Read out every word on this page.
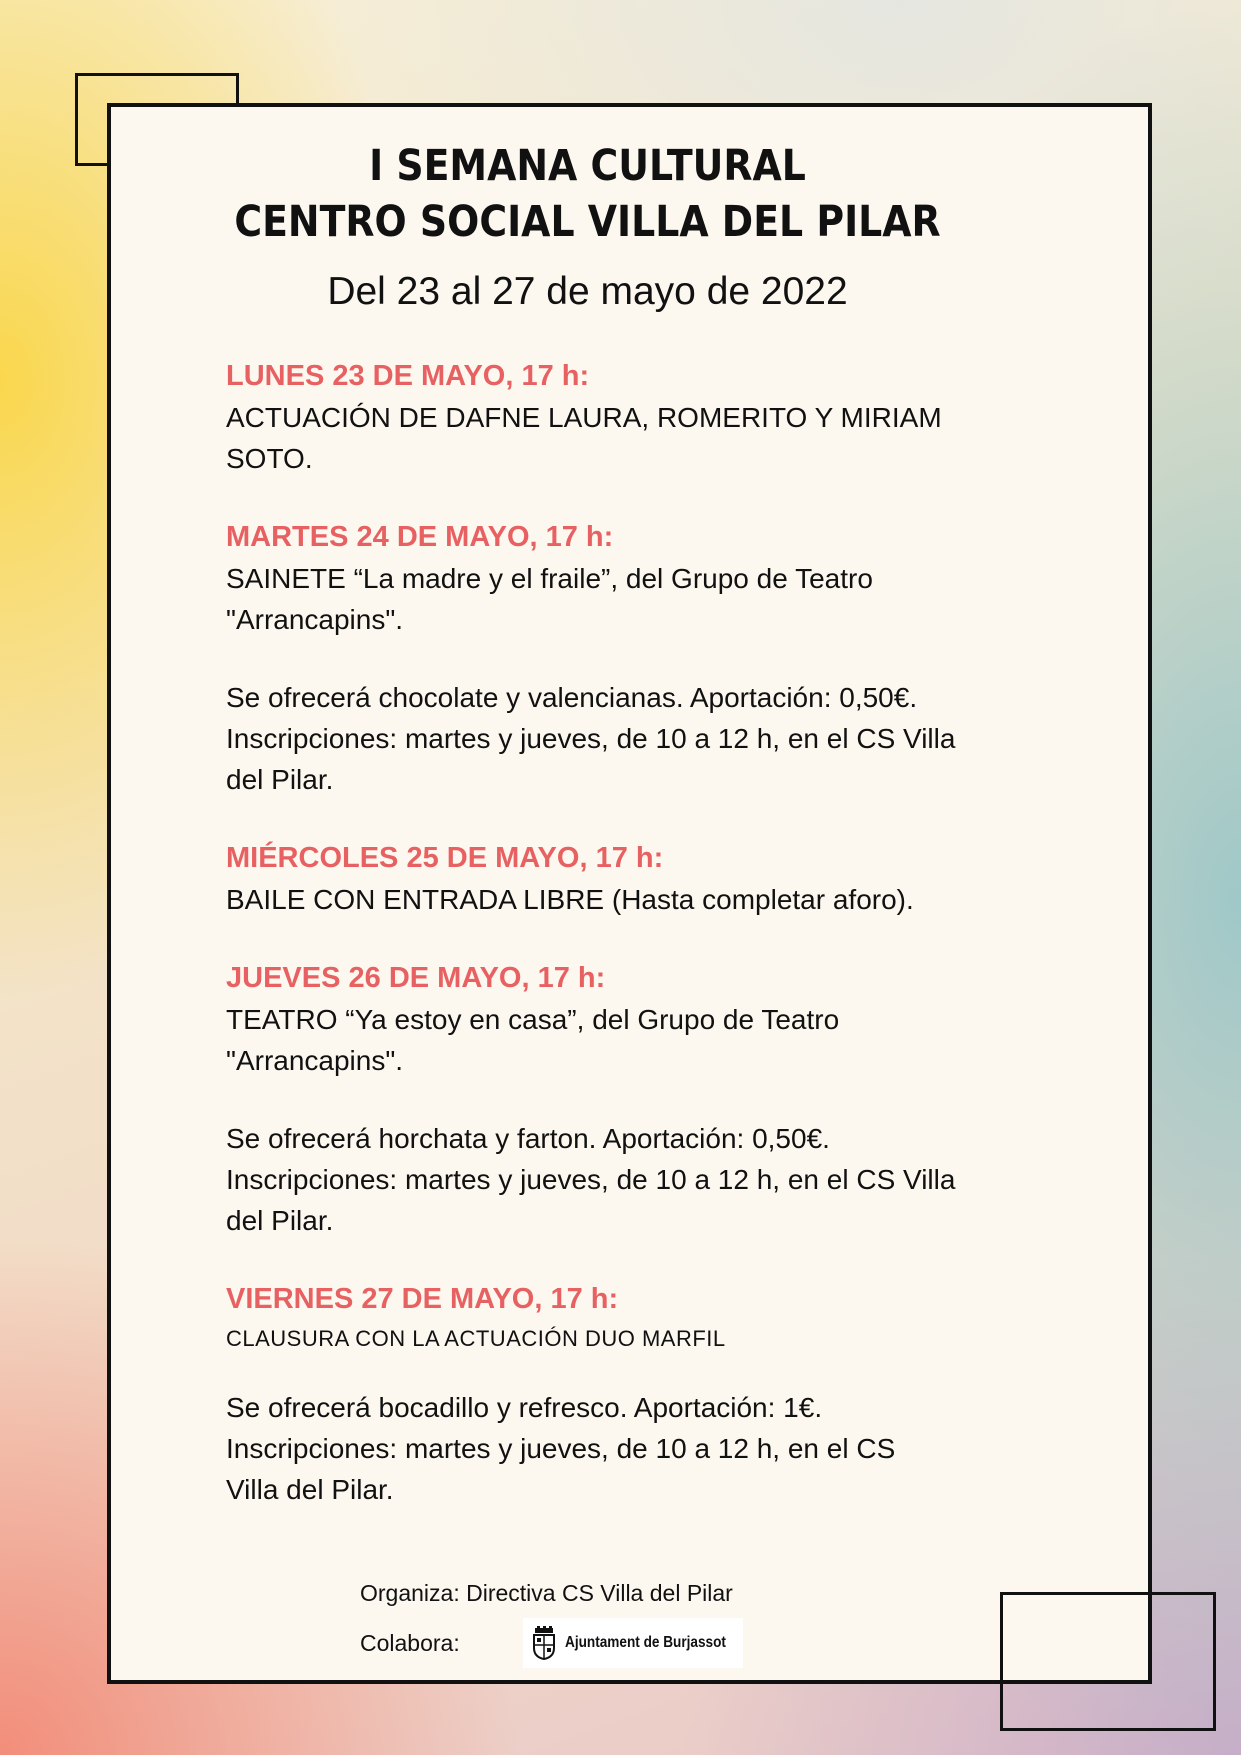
I SEMANA CULTURAL
CENTRO SOCIAL VILLA DEL PILAR
Del 23 al 27 de mayo de 2022
LUNES 23 DE MAYO, 17 h:
ACTUACIÓN DE DAFNE LAURA, ROMERITO Y MIRIAM
SOTO.
MARTES 24 DE MAYO, 17 h:
SAINETE “La madre y el fraile”, del Grupo de Teatro
"Arrancapins".
Se ofrecerá chocolate y valencianas. Aportación: 0,50€.
Inscripciones: martes y jueves, de 10 a 12 h, en el CS Villa
del Pilar.
MIÉRCOLES 25 DE MAYO, 17 h:
BAILE CON ENTRADA LIBRE (Hasta completar aforo).
JUEVES 26 DE MAYO, 17 h:
TEATRO “Ya estoy en casa”, del Grupo de Teatro
"Arrancapins".
Se ofrecerá horchata y farton. Aportación: 0,50€.
Inscripciones: martes y jueves, de 10 a 12 h, en el CS Villa
del Pilar.
VIERNES 27 DE MAYO, 17 h:
CLAUSURA CON LA ACTUACIÓN DUO MARFIL
Se ofrecerá bocadillo y refresco. Aportación: 1€.
Inscripciones: martes y jueves, de 10 a 12 h, en el CS
Villa del Pilar.
Organiza: Directiva CS Villa del Pilar
Colabora:	Ajuntament de Burjassot
